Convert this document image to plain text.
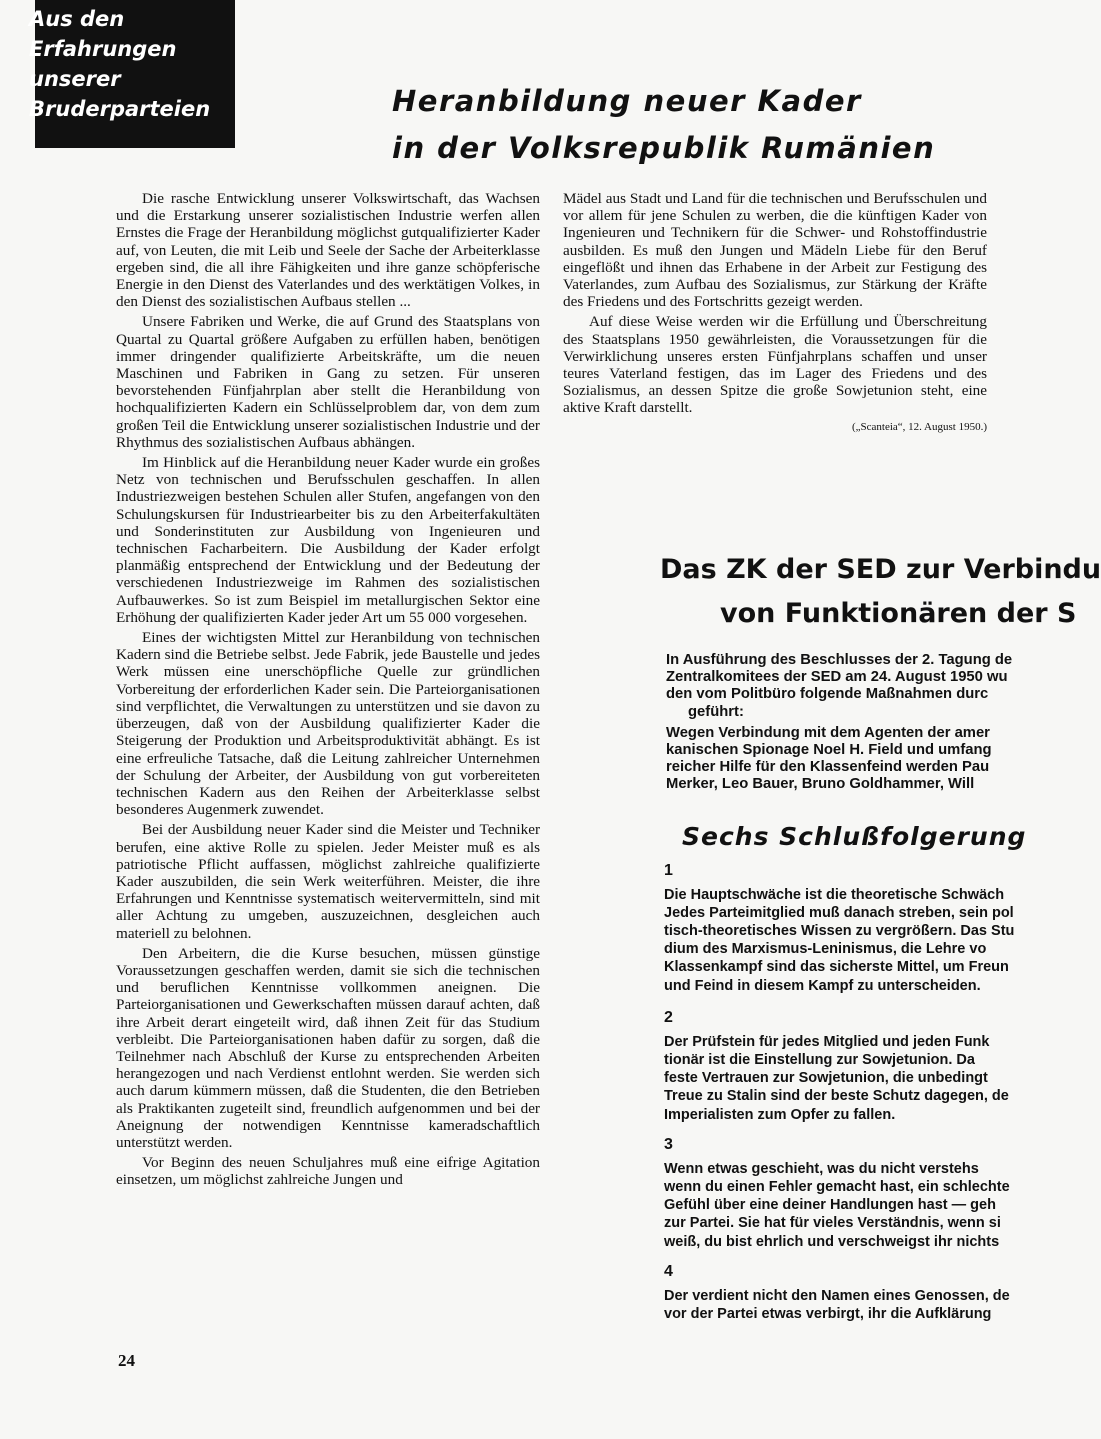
Aus den
Erfahrungen
unserer
Bruderparteien	Heranbildung neuer Kader
in der Volksrepublik Rumänien

Die rasche Entwicklung unserer Volkswirtschaft, das Wachsen und die Erstarkung unserer sozialistischen Industrie werfen allen Ernstes die Frage der Heranbildung möglichst gutqualifizierter Kader auf, von Leuten, die mit Leib und Seele der Sache der Arbeiterklasse ergeben sind, die all ihre Fähigkeiten und ihre ganze schöpferische Energie in den Dienst des Vaterlandes und des werktätigen Volkes, in den Dienst des sozialistischen Aufbaus stellen ...

Unsere Fabriken und Werke, die auf Grund des Staatsplans von Quartal zu Quartal größere Aufgaben zu erfüllen haben, benötigen immer dringender qualifizierte Arbeitskräfte, um die neuen Maschinen und Fabriken in Gang zu setzen. Für unseren bevorstehenden Fünfjahrplan aber stellt die Heranbildung von hochqualifizierten Kadern ein Schlüsselproblem dar, von dem zum großen Teil die Entwicklung unserer sozialistischen Industrie und der Rhythmus des sozialistischen Aufbaus abhängen.

Im Hinblick auf die Heranbildung neuer Kader wurde ein großes Netz von technischen und Berufsschulen geschaffen. In allen Industriezweigen bestehen Schulen aller Stufen, angefangen von den Schulungskursen für Industriearbeiter bis zu den Arbeiterfakultäten und Sonderinstituten zur Ausbildung von Ingenieuren und technischen Facharbeitern. Die Ausbildung der Kader erfolgt planmäßig entsprechend der Entwicklung und der Bedeutung der verschiedenen Industriezweige im Rahmen des sozialistischen Aufbauwerkes. So ist zum Beispiel im metallurgischen Sektor eine Erhöhung der qualifizierten Kader jeder Art um 55 000 vorgesehen.

Eines der wichtigsten Mittel zur Heranbildung von technischen Kadern sind die Betriebe selbst. Jede Fabrik, jede Baustelle und jedes Werk müssen eine unerschöpfliche Quelle zur gründlichen Vorbereitung der erforderlichen Kader sein. Die Parteiorganisationen sind verpflichtet, die Verwaltungen zu unterstützen und sie davon zu überzeugen, daß von der Ausbildung qualifizierter Kader die Steigerung der Produktion und Arbeitsproduktivität abhängt. Es ist eine erfreuliche Tatsache, daß die Leitung zahlreicher Unternehmen der Schulung der Arbeiter, der Ausbildung von gut vorbereiteten technischen Kadern aus den Reihen der Arbeiterklasse selbst besonderes Augenmerk zuwendet.

Bei der Ausbildung neuer Kader sind die Meister und Techniker berufen, eine aktive Rolle zu spielen. Jeder Meister muß es als patriotische Pflicht auffassen, möglichst zahlreiche qualifizierte Kader auszubilden, die sein Werk weiterführen. Meister, die ihre Erfahrungen und Kenntnisse systematisch weitervermitteln, sind mit aller Achtung zu umgeben, auszuzeichnen, desgleichen auch materiell zu belohnen.

Den Arbeitern, die die Kurse besuchen, müssen günstige Voraussetzungen geschaffen werden, damit sie sich die technischen und beruflichen Kenntnisse vollkommen aneignen. Die Parteiorganisationen und Gewerkschaften müssen darauf achten, daß ihre Arbeit derart eingeteilt wird, daß ihnen Zeit für das Studium verbleibt. Die Parteiorganisationen haben dafür zu sorgen, daß die Teilnehmer nach Abschluß der Kurse zu entsprechenden Arbeiten herangezogen und nach Verdienst entlohnt werden. Sie werden sich auch darum kümmern müssen, daß die Studenten, die den Betrieben als Praktikanten zugeteilt sind, freundlich aufgenommen und bei der Aneignung der notwendigen Kenntnisse kameradschaftlich unterstützt werden.

Vor Beginn des neuen Schuljahres muß eine eifrige Agitation einsetzen, um möglichst zahlreiche Jungen und

Mädel aus Stadt und Land für die technischen und Berufsschulen und vor allem für jene Schulen zu werben, die die künftigen Kader von Ingenieuren und Technikern für die Schwer- und Rohstoffindustrie ausbilden. Es muß den Jungen und Mädeln Liebe für den Beruf eingeflößt und ihnen das Erhabene in der Arbeit zur Festigung des Vaterlandes, zum Aufbau des Sozialismus, zur Stärkung der Kräfte des Friedens und des Fortschritts gezeigt werden.

Auf diese Weise werden wir die Erfüllung und Überschreitung des Staatsplans 1950 gewährleisten, die Voraussetzungen für die Verwirklichung unseres ersten Fünfjahrplans schaffen und unser teures Vaterland festigen, das im Lager des Friedens und des Sozialismus, an dessen Spitze die große Sowjetunion steht, eine aktive Kraft darstellt.

(„Scanteia“, 12. August 1950.)

24
Das ZK der SED zur Verbindu
von Funktionären der S
In Ausführung des Beschlusses der 2. Tagung de
Zentralkomitees der SED am 24. August 1950 wu
den vom Politbüro folgende Maßnahmen durc
geführt:
Wegen Verbindung mit dem Agenten der amer
kanischen Spionage Noel H. Field und umfang
reicher Hilfe für den Klassenfeind werden Pau
Merker, Leo Bauer, Bruno Goldhammer, Will
Sechs Schlußfolgerung
1
Die Hauptschwäche ist die theoretische Schwäch
Jedes Parteimitglied muß danach streben, sein pol
tisch-theoretisches Wissen zu vergrößern. Das Stu
dium des Marxismus-Leninismus, die Lehre vo
Klassenkampf sind das sicherste Mittel, um Freun
und Feind in diesem Kampf zu unterscheiden.
2
Der Prüfstein für jedes Mitglied und jeden Funk
tionär ist die Einstellung zur Sowjetunion. Da
feste Vertrauen zur Sowjetunion, die unbedingt
Treue zu Stalin sind der beste Schutz dagegen, de
Imperialisten zum Opfer zu fallen.
3
Wenn etwas geschieht, was du nicht verstehs
wenn du einen Fehler gemacht hast, ein schlechte
Gefühl über eine deiner Handlungen hast — geh
zur Partei. Sie hat für vieles Verständnis, wenn si
weiß, du bist ehrlich und verschweigst ihr nichts
4
Der verdient nicht den Namen eines Genossen, de
vor der Partei etwas verbirgt, ihr die Aufklärung
